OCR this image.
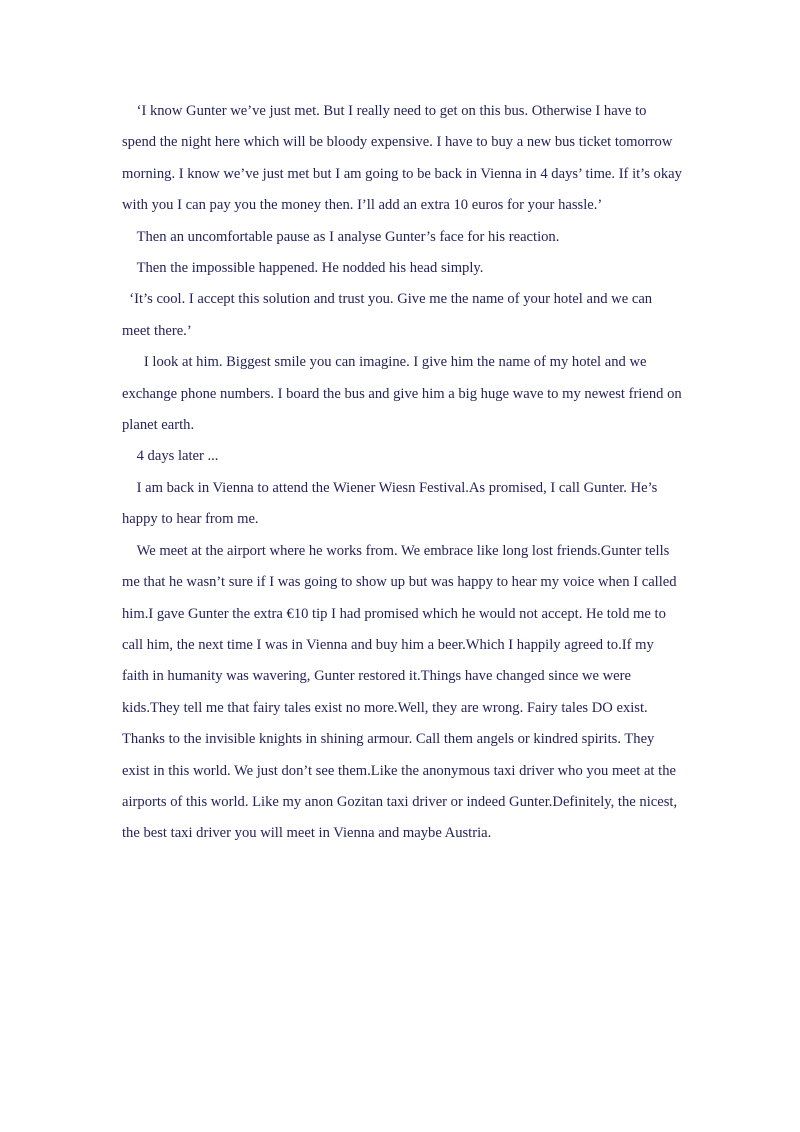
‘I know Gunter we’ve just met. But I really need to get on this bus. Otherwise I have to spend the night here which will be bloody expensive. I have to buy a new bus ticket tomorrow morning. I know we’ve just met but I am going to be back in Vienna in 4 days’ time. If it’s okay with you I can pay you the money then. I’ll add an extra 10 euros for your hassle.’

Then an uncomfortable pause as I analyse Gunter’s face for his reaction.

Then the impossible happened. He nodded his head simply.

‘It’s cool. I accept this solution and trust you. Give me the name of your hotel and we can meet there.’

I look at him. Biggest smile you can imagine. I give him the name of my hotel and we exchange phone numbers. I board the bus and give him a big huge wave to my newest friend on planet earth.

4 days later ...

I am back in Vienna to attend the Wiener Wiesn Festival.As promised, I call Gunter. He’s happy to hear from me.

We meet at the airport where he works from. We embrace like long lost friends.Gunter tells me that he wasn’t sure if I was going to show up but was happy to hear my voice when I called him.I gave Gunter the extra €10 tip I had promised which he would not accept. He told me to call him, the next time I was in Vienna and buy him a beer.Which I happily agreed to.If my faith in humanity was wavering, Gunter restored it.Things have changed since we were kids.They tell me that fairy tales exist no more.Well, they are wrong. Fairy tales DO exist. Thanks to the invisible knights in shining armour. Call them angels or kindred spirits. They exist in this world. We just don’t see them.Like the anonymous taxi driver who you meet at the airports of this world. Like my anon Gozitan taxi driver or indeed Gunter.Definitely, the nicest, the best taxi driver you will meet in Vienna and maybe Austria.
